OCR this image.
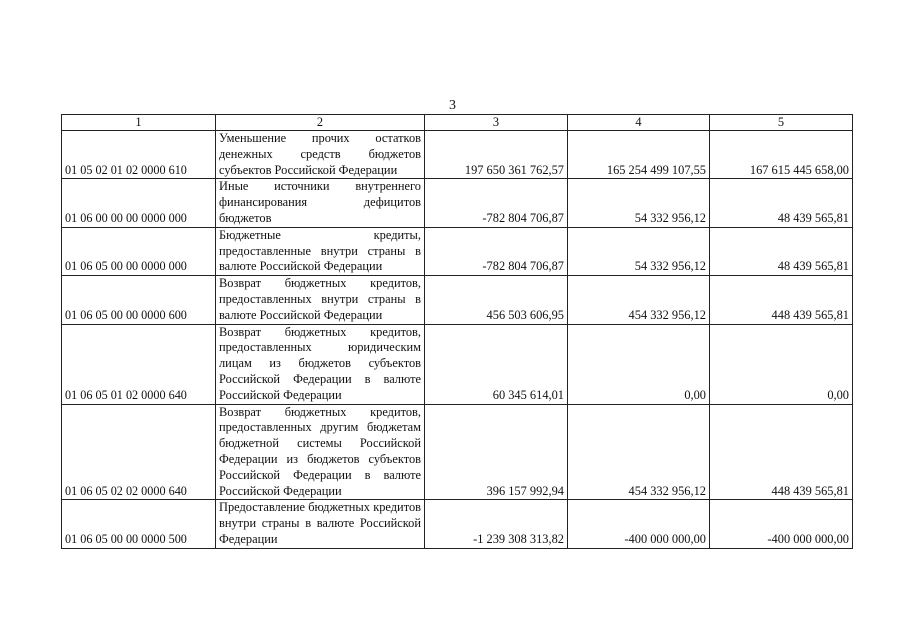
3
1	2	3	4	5
01 05 02 01 02 0000 610	Уменьшение прочих остатков денежных средств бюджетов субъектов Российской Федерации	197 650 361 762,57	165 254 499 107,55	167 615 445 658,00
01 06 00 00 00 0000 000	Иные источники внутреннего финансирования дефицитов бюджетов	-782 804 706,87	54 332 956,12	48 439 565,81
01 06 05 00 00 0000 000	Бюджетные кредиты, предоставленные внутри страны в валюте Российской Федерации	-782 804 706,87	54 332 956,12	48 439 565,81
01 06 05 00 00 0000 600	Возврат бюджетных кредитов, предоставленных внутри страны в валюте Российской Федерации	456 503 606,95	454 332 956,12	448 439 565,81
01 06 05 01 02 0000 640	Возврат бюджетных кредитов, предоставленных юридическим лицам из бюджетов субъектов Российской Федерации в валюте Российской Федерации	60 345 614,01	0,00	0,00
01 06 05 02 02 0000 640	Возврат бюджетных кредитов, предоставленных другим бюджетам бюджетной системы Российской Федерации из бюджетов субъектов Российской Федерации в валюте Российской Федерации	396 157 992,94	454 332 956,12	448 439 565,81
01 06 05 00 00 0000 500	Предоставление бюджетных кредитов внутри страны в валюте Российской Федерации	-1 239 308 313,82	-400 000 000,00	-400 000 000,00
